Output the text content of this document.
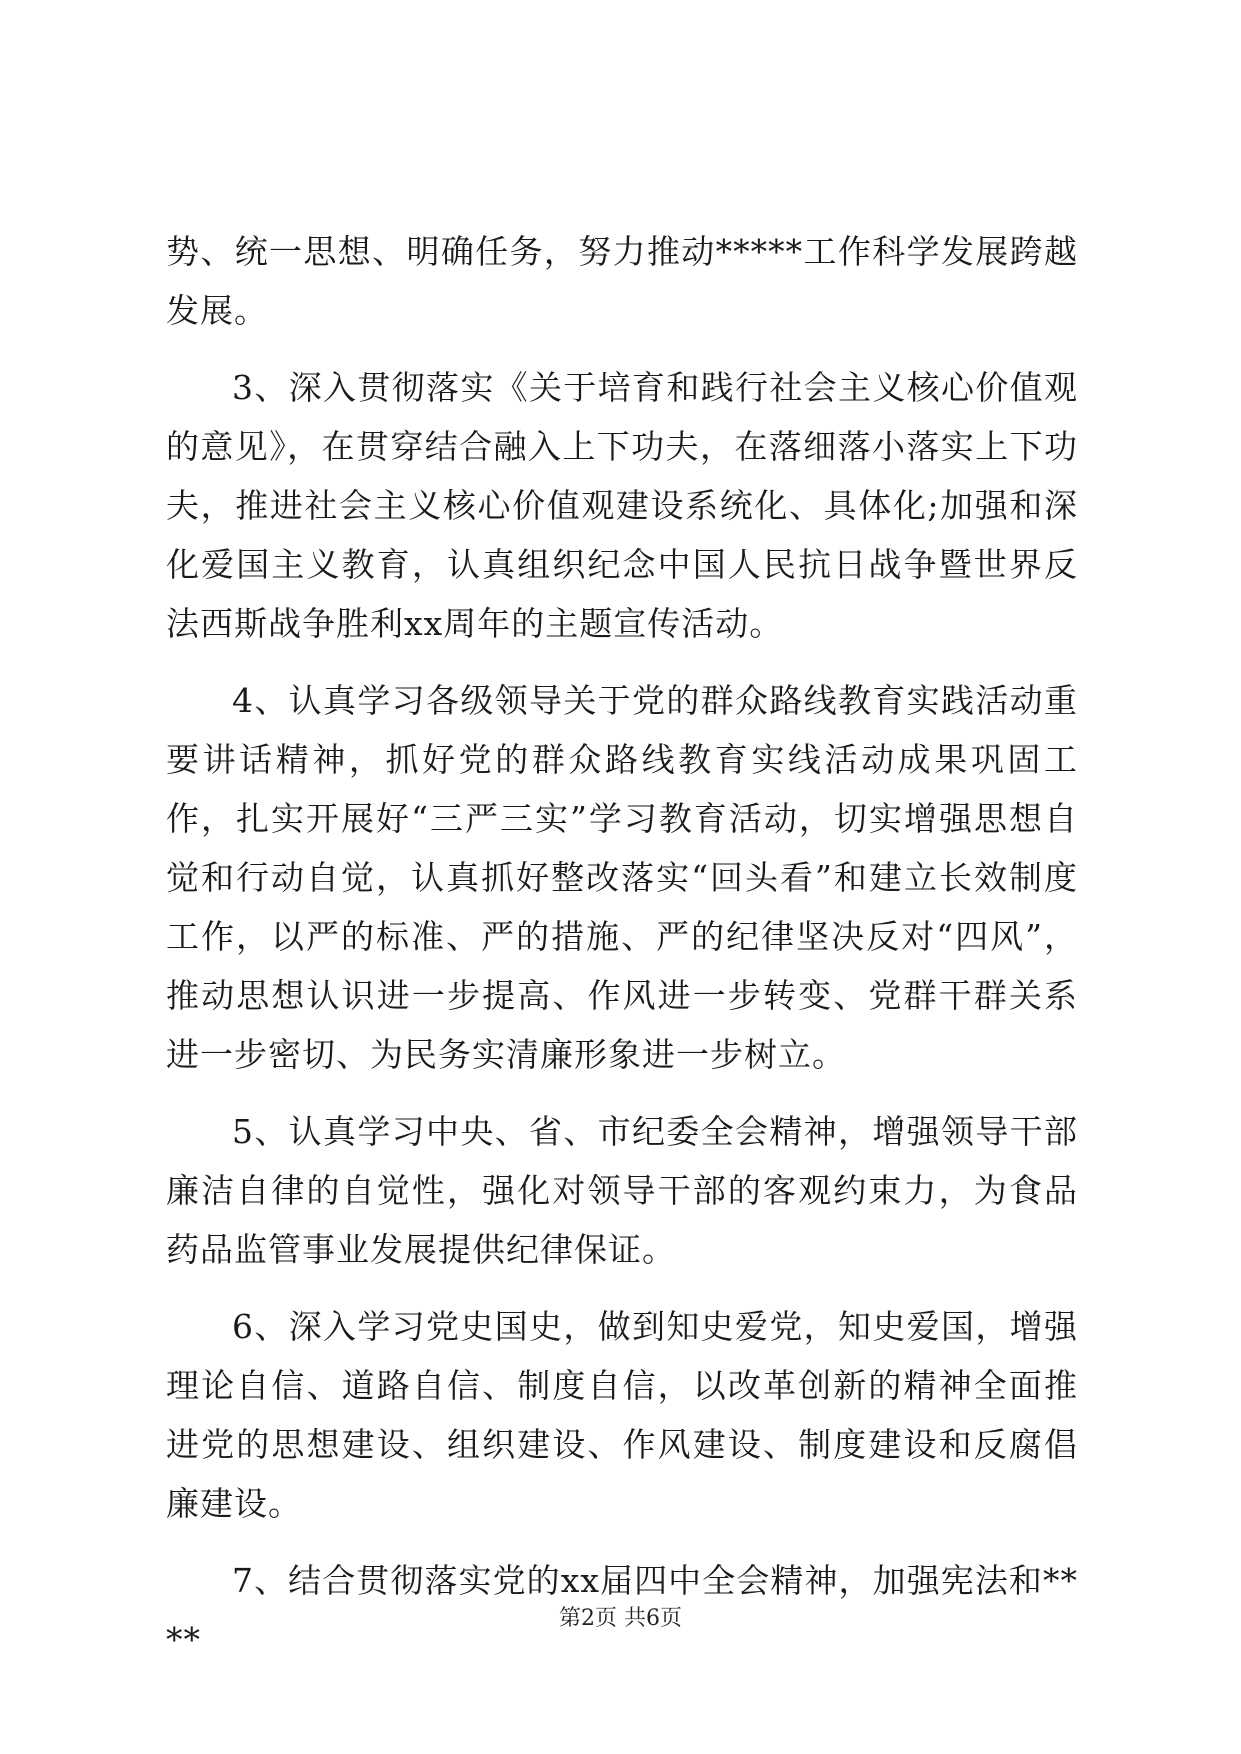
势、统一思想、明确任务，努力推动*****工作科学发展跨越发展。

3、深入贯彻落实《关于培育和践行社会主义核心价值观的意见》，在贯穿结合融入上下功夫，在落细落小落实上下功夫，推进社会主义核心价值观建设系统化、具体化;加强和深化爱国主义教育，认真组织纪念中国人民抗日战争暨世界反法西斯战争胜利xx周年的主题宣传活动。

4、认真学习各级领导关于党的群众路线教育实践活动重要讲话精神，抓好党的群众路线教育实线活动成果巩固工作，扎实开展好“三严三实”学习教育活动，切实增强思想自觉和行动自觉，认真抓好整改落实“回头看”和建立长效制度工作，以严的标准、严的措施、严的纪律坚决反对“四风”，推动思想认识进一步提高、作风进一步转变、党群干群关系进一步密切、为民务实清廉形象进一步树立。

5、认真学习中央、省、市纪委全会精神，增强领导干部廉洁自律的自觉性，强化对领导干部的客观约束力，为食品药品监管事业发展提供纪律保证。

6、深入学习党史国史，做到知史爱党，知史爱国，增强理论自信、道路自信、制度自信，以改革创新的精神全面推进党的思想建设、组织建设、作风建设、制度建设和反腐倡廉建设。

7、结合贯彻落实党的xx届四中全会精神，加强宪法和****

第2页 共6页
